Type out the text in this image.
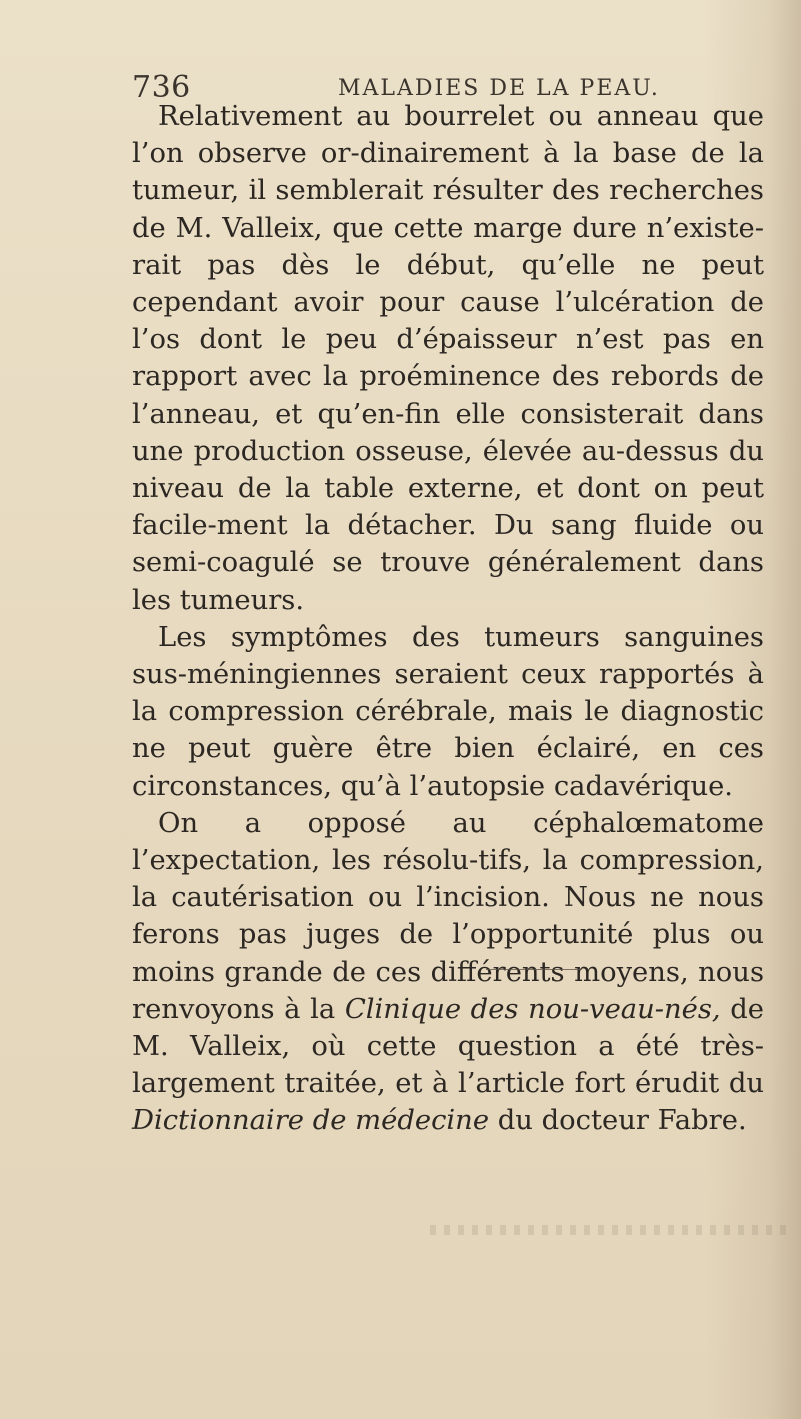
736	MALADIES DE LA PEAU.

Relativement au bourrelet ou anneau que l’on observe or-dinairement à la base de la tumeur, il semblerait résulter des recherches de M. Valleix, que cette marge dure n’existe-rait pas dès le début, qu’elle ne peut cependant avoir pour cause l’ulcération de l’os dont le peu d’épaisseur n’est pas en rapport avec la proéminence des rebords de l’anneau, et qu’en-fin elle consisterait dans une production osseuse, élevée au-dessus du niveau de la table externe, et dont on peut facile-ment la détacher. Du sang fluide ou semi-coagulé se trouve généralement dans les tumeurs.

Les symptômes des tumeurs sanguines sus-méningiennes seraient ceux rapportés à la compression cérébrale, mais le diagnostic ne peut guère être bien éclairé, en ces circonstances, qu’à l’autopsie cadavérique.

On a opposé au céphalœmatome l’expectation, les résolu-tifs, la compression, la cautérisation ou l’incision. Nous ne nous ferons pas juges de l’opportunité plus ou moins grande de ces différents moyens, nous renvoyons à la Clinique des nou-veau-nés, de M. Valleix, où cette question a été très-largement traitée, et à l’article fort érudit du Dictionnaire de médecine du docteur Fabre.
